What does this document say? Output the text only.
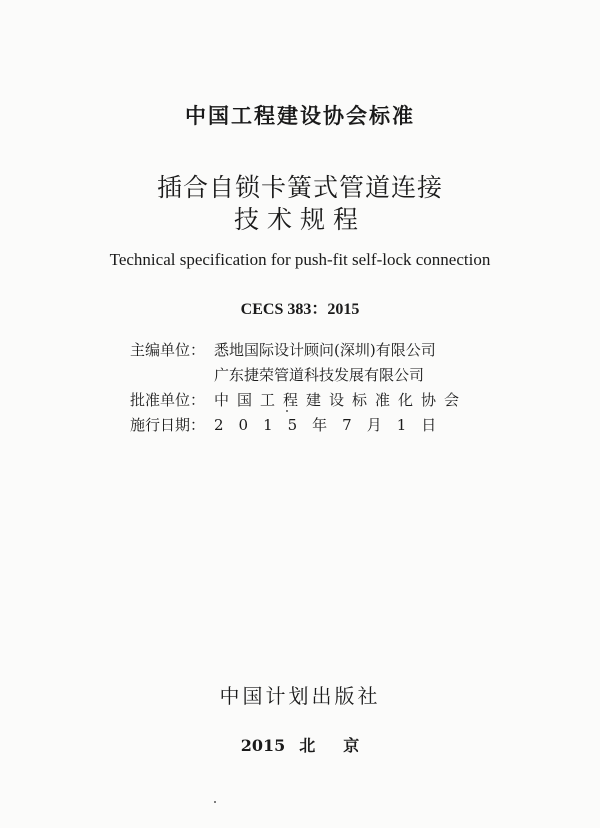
中国工程建设协会标准
插合自锁卡簧式管道连接
技术规程
Technical specification for push-fit self-lock connection
CECS 383：2015
主编单位： 悉地国际设计顾问(深圳)有限公司
广东捷荣管道科技发展有限公司
批准单位： 中国工程建设标准化协会
施行日期： 2015年7月1日
中国计划出版社
2015 北 京
